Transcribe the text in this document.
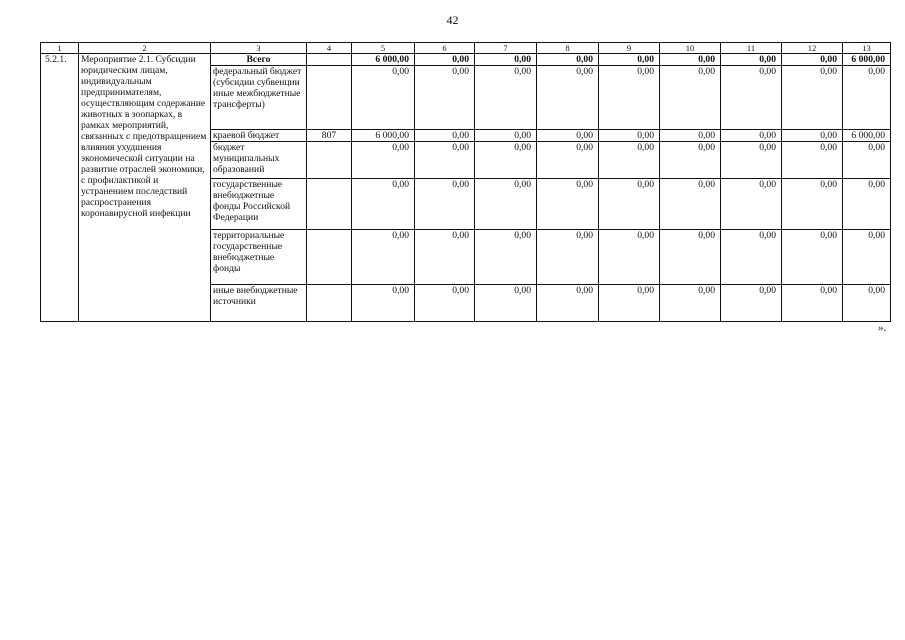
42
1	2	3	4	5	6	7	8	9	10	11	12	13
5.2.1.	Мероприятие 2.1. Субсидии юридическим лицам, индивидуальным предпринимателям, осуществляющим содержание животных в зоопарках, в рамках мероприятий, связанных с предотвращением влияния ухудшения экономической ситуации на развитие отраслей экономики, с профилактикой и устранением последствий распространения коронавирусной инфекции	Всего		6 000,00	0,00	0,00	0,00	0,00	0,00	0,00	0,00	6 000,00
		федеральный бюджет (субсидии субвенции иные межбюджетные трансферты)		0,00	0,00	0,00	0,00	0,00	0,00	0,00	0,00	0,00
		краевой бюджет	807	6 000,00	0,00	0,00	0,00	0,00	0,00	0,00	0,00	6 000,00
		бюджет муниципальных образований		0,00	0,00	0,00	0,00	0,00	0,00	0,00	0,00	0,00
		государственные внебюджетные фонды Российской Федерации		0,00	0,00	0,00	0,00	0,00	0,00	0,00	0,00	0,00
		территориальные государственные внебюджетные фонды		0,00	0,00	0,00	0,00	0,00	0,00	0,00	0,00	0,00
		иные внебюджетные источники		0,00	0,00	0,00	0,00	0,00	0,00	0,00	0,00	0,00
».
